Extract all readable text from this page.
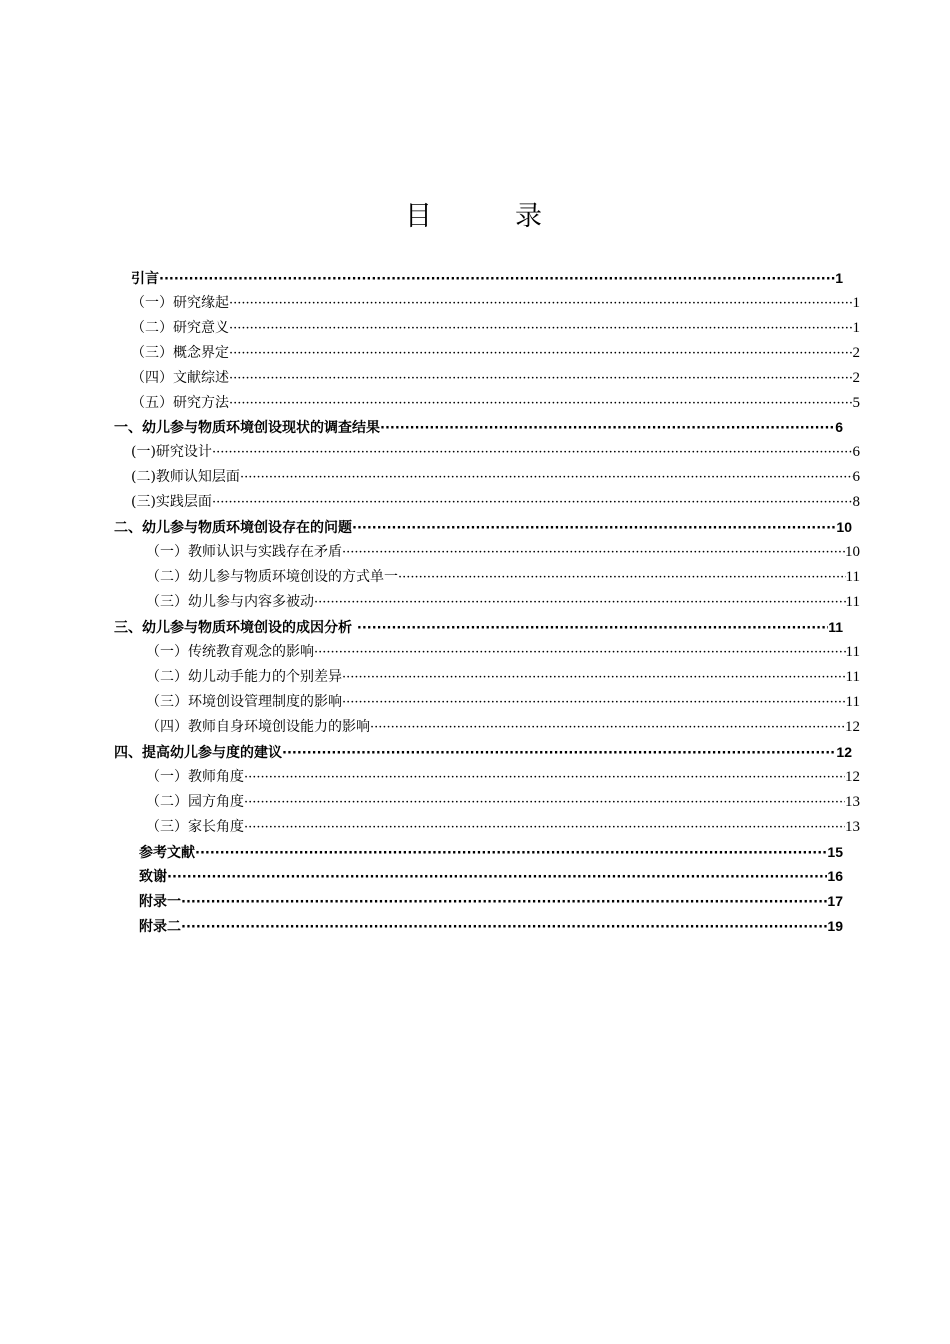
目　录
引言 ·····	1
（一）研究缘起 ·····	1
（二）研究意义 ·····	1
（三）概念界定 ·····	2
（四）文献综述 ·····	2
（五）研究方法 ·····	5
一、幼儿参与物质环境创设现状的调查结果 ·····	6
(一)研究设计 ·····	6
(二)教师认知层面 ·····	6
(三)实践层面 ·····	8
二、幼儿参与物质环境创设存在的问题 ·····	10
（一）教师认识与实践存在矛盾 ·····	10
（二）幼儿参与物质环境创设的方式单一 ·····	11
（三）幼儿参与内容多被动 ·····	11
三、幼儿参与物质环境创设的成因分析 ·····	11
（一）传统教育观念的影响 ·····	11
（二）幼儿动手能力的个别差异 ·····	11
（三）环境创设管理制度的影响 ·····	11
（四）教师自身环境创设能力的影响 ·····	12
四、提高幼儿参与度的建议 ·····	12
（一）教师角度 ·····	12
（二）园方角度 ·····	13
（三）家长角度 ·····	13
参考文献 ·····	15
致谢 ·····	16
附录一 ·····	17
附录二 ·····	19
